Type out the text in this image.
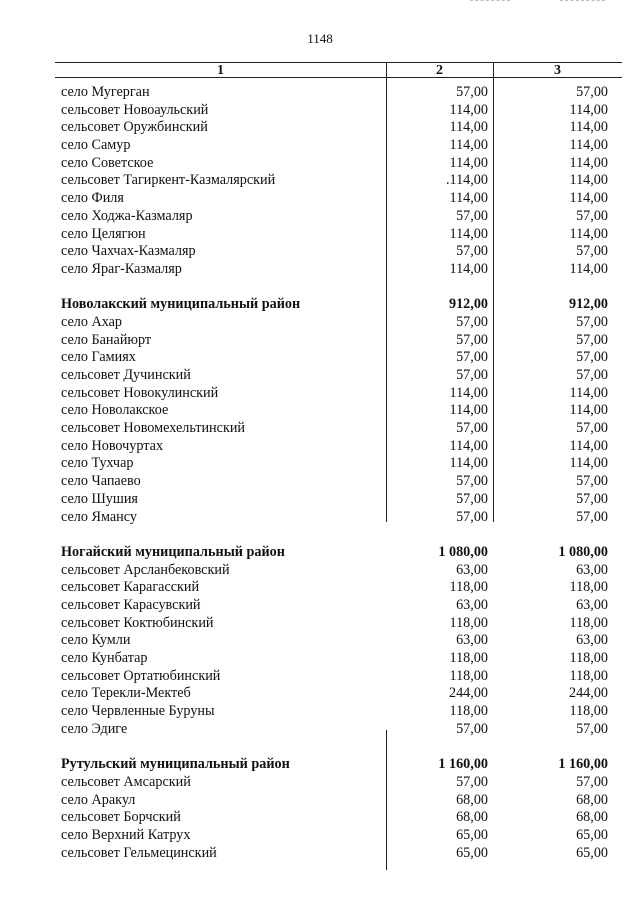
1148
1	2	3
село Мугерган	57,00	57,00
сельсовет Новоаульский	114,00	114,00
сельсовет Оружбинский	114,00	114,00
село Самур	114,00	114,00
село Советское	114,00	114,00
сельсовет Тагиркент-Казмалярский	.114,00	114,00
село Филя	114,00	114,00
село Ходжа-Казмаляр	57,00	57,00
село Целягюн	114,00	114,00
село Чахчах-Казмаляр	57,00	57,00
село Яраг-Казмаляр	114,00	114,00
Новолакский муниципальный район	912,00	912,00
село Ахар	57,00	57,00
село Банайюрт	57,00	57,00
село Гамиях	57,00	57,00
сельсовет Дучинский	57,00	57,00
сельсовет Новокулинский	114,00	114,00
село Новолакское	114,00	114,00
сельсовет Новомехельтинский	57,00	57,00
село Новочуртах	114,00	114,00
село Тухчар	114,00	114,00
село Чапаево	57,00	57,00
село Шушия	57,00	57,00
село Ямансу	57,00	57,00
Ногайский муниципальный район	1 080,00	1 080,00
сельсовет Арсланбековский	63,00	63,00
сельсовет Карагасский	118,00	118,00
сельсовет Карасувский	63,00	63,00
сельсовет Коктюбинский	118,00	118,00
село Кумли	63,00	63,00
село Кунбатар	118,00	118,00
сельсовет Ортатюбинский	118,00	118,00
село Терекли-Мектеб	244,00	244,00
село Червленные Буруны	118,00	118,00
село Эдиге	57,00	57,00
Рутульский муниципальный район	1 160,00	1 160,00
сельсовет Амсарский	57,00	57,00
село Аракул	68,00	68,00
сельсовет Борчский	68,00	68,00
село Верхний Катрух	65,00	65,00
сельсовет Гельмецинский	65,00	65,00
